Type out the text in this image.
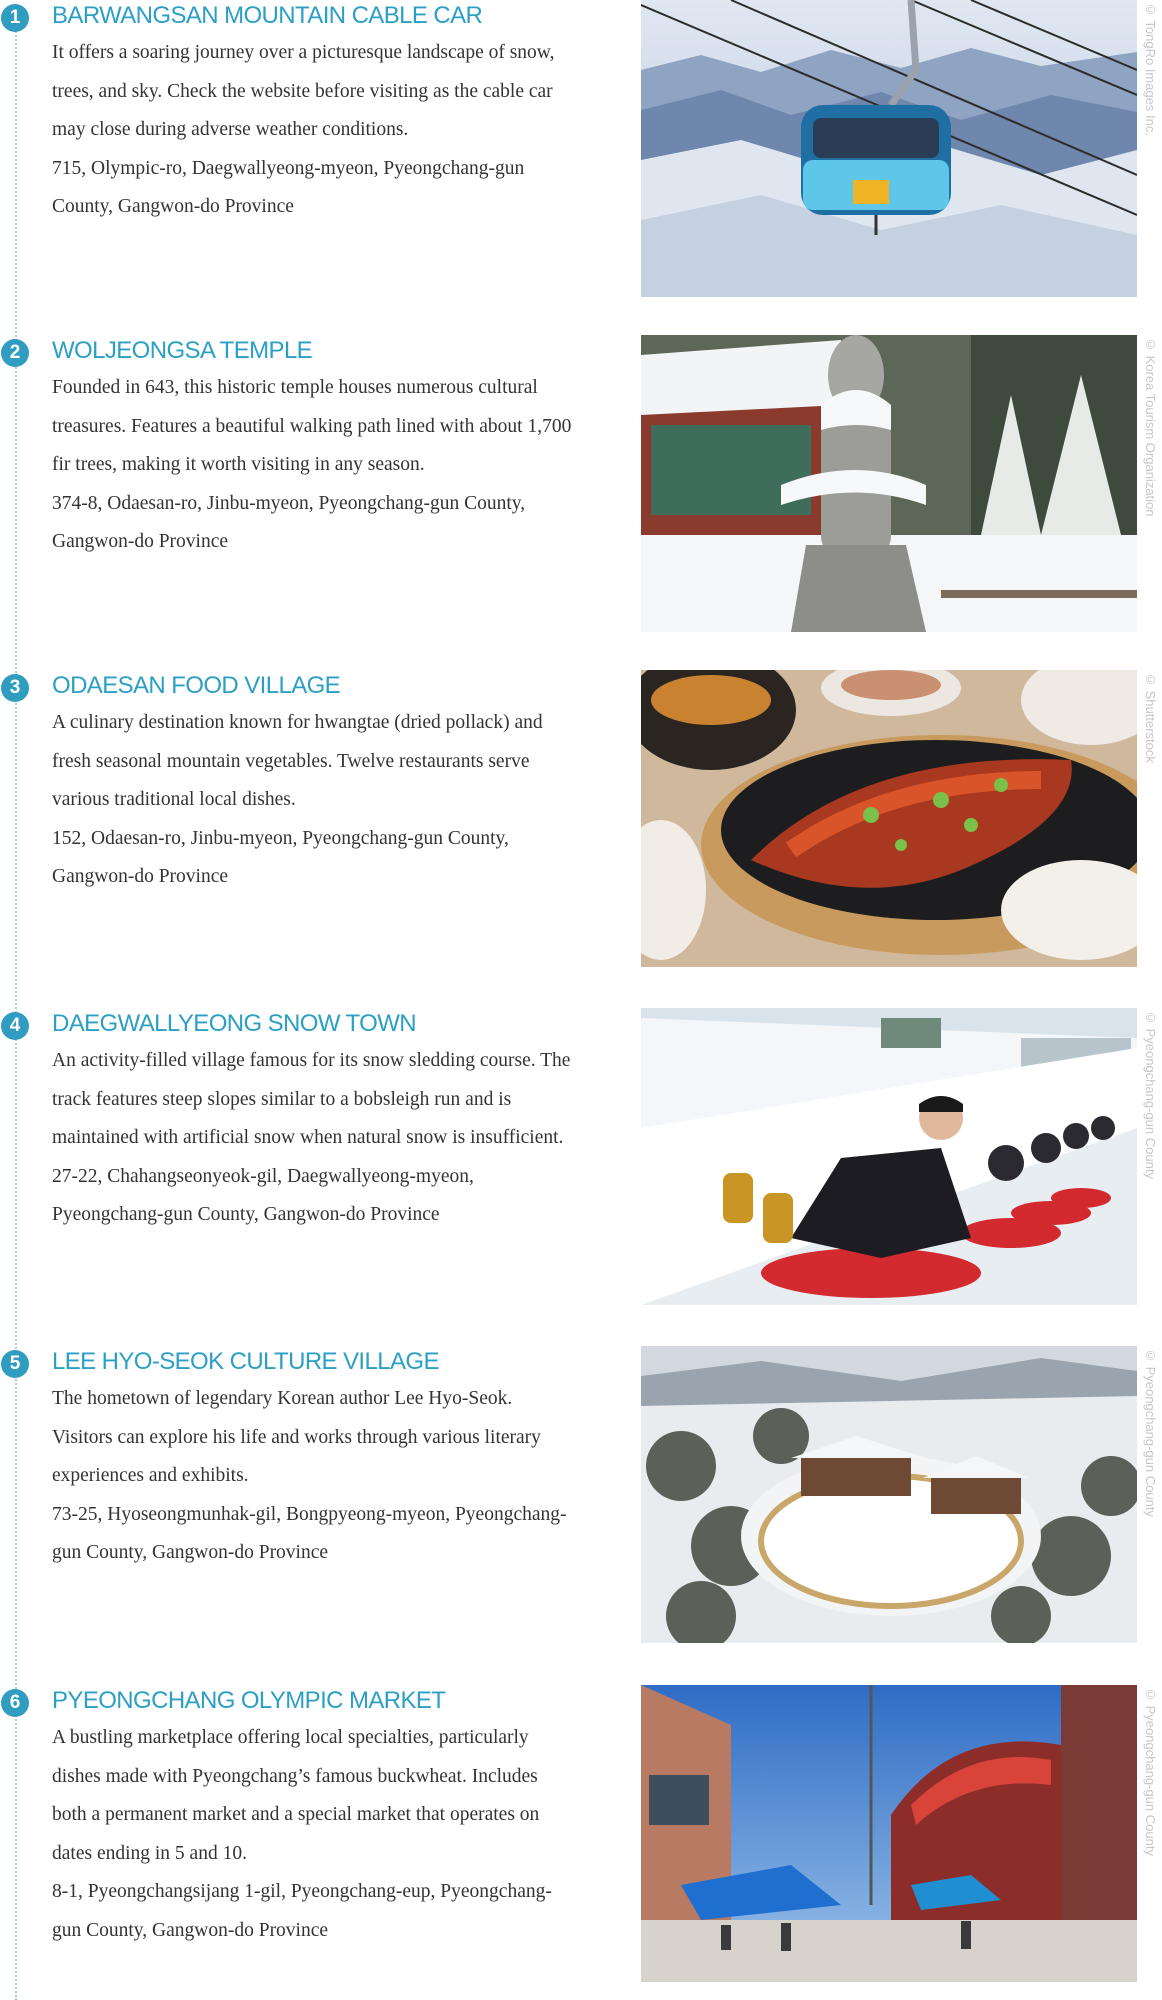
1	BARWANGSAN MOUNTAIN CABLE CAR

It offers a soaring journey over a picturesque landscape of snow, trees, and sky. Check the website before visiting as the cable car may close during adverse weather conditions.

715, Olympic-ro, Daegwallyeong-myeon, Pyeongchang-gun County, Gangwon-do Province

© TongRo Images Inc.
2	WOLJEONGSA TEMPLE

Founded in 643, this historic temple houses numerous cultural treasures. Features a beautiful walking path lined with about 1,700 fir trees, making it worth visiting in any season.

374-8, Odaesan-ro, Jinbu-myeon, Pyeongchang-gun County, Gangwon-do Province

© Korea Tourism Organization
3	ODAESAN FOOD VILLAGE

A culinary destination known for hwangtae (dried pollack) and fresh seasonal mountain vegetables. Twelve restaurants serve various traditional local dishes.

152, Odaesan-ro, Jinbu-myeon, Pyeongchang-gun County, Gangwon-do Province

© Shutterstock
4	DAEGWALLYEONG SNOW TOWN

An activity-filled village famous for its snow sledding course. The track features steep slopes similar to a bobsleigh run and is maintained with artificial snow when natural snow is insufficient.

27-22, Chahangseonyeok-gil, Daegwallyeong-myeon, Pyeongchang-gun County, Gangwon-do Province

© Pyeongchang-gun County
5	LEE HYO-SEOK CULTURE VILLAGE

The hometown of legendary Korean author Lee Hyo-Seok. Visitors can explore his life and works through various literary experiences and exhibits.

73-25, Hyoseongmunhak-gil, Bongpyeong-myeon, Pyeongchang-gun County, Gangwon-do Province

© Pyeongchang-gun County
6	PYEONGCHANG OLYMPIC MARKET

A bustling marketplace offering local specialties, particularly dishes made with Pyeongchang’s famous buckwheat. Includes both a permanent market and a special market that operates on dates ending in 5 and 10.

8-1, Pyeongchangsijang 1-gil, Pyeongchang-eup, Pyeongchang-gun County, Gangwon-do Province

© Pyeongchang-gun County
